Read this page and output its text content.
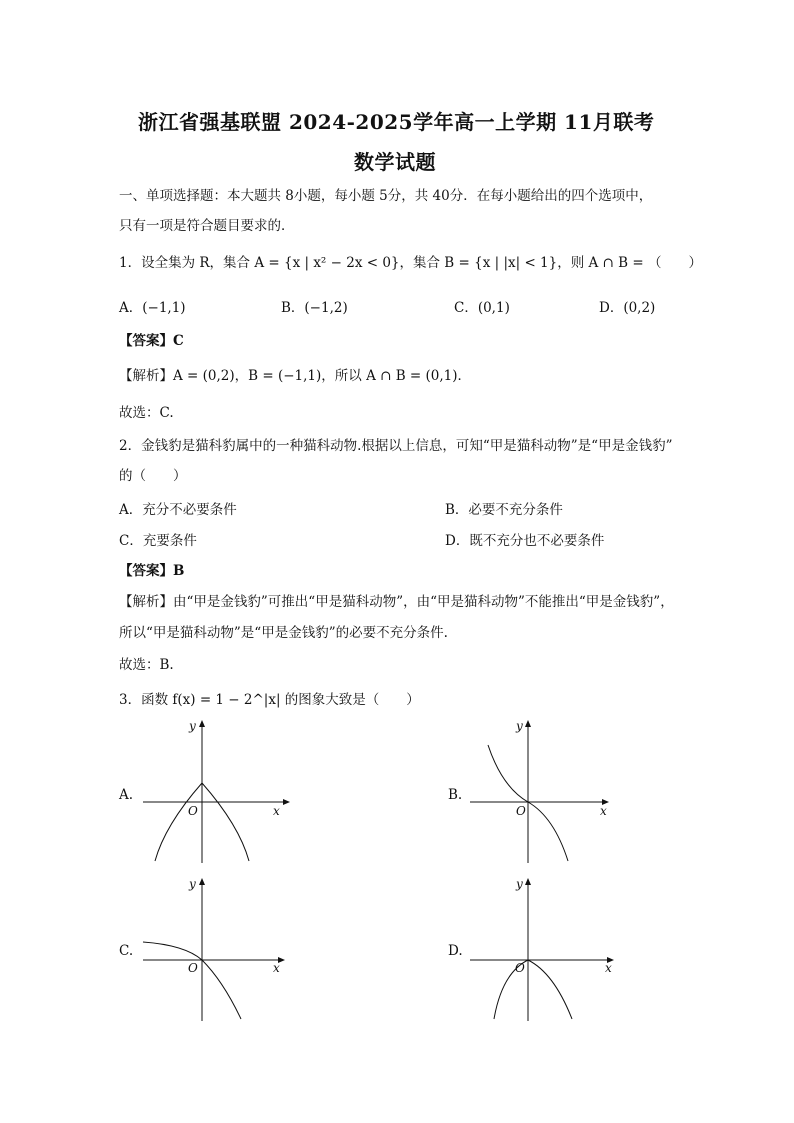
浙江省强基联盟 2024-2025学年高一上学期 11月联考
数学试题
一、单项选择题：本大题共 8小题，每小题 5分，共 40分．在每小题给出的四个选项中，
只有一项是符合题目要求的．
1．设全集为 R，集合 A = {x | x² − 2x < 0}，集合 B = {x | |x| < 1}，则 A ∩ B = （　　）
A．(−1,1)	B．(−1,2)	C．(0,1)	D．(0,2)
【答案】C
【解析】A = (0,2)，B = (−1,1)，所以 A ∩ B = (0,1)．
故选：C.
2．金钱豹是猫科豹属中的一种猫科动物.根据以上信息，可知“甲是猫科动物”是“甲是金钱豹”
的（　　）
A．充分不必要条件	B．必要不充分条件
C．充要条件	D．既不充分也不必要条件
【答案】B
【解析】由“甲是金钱豹”可推出“甲是猫科动物”，由“甲是猫科动物”不能推出“甲是金钱豹”，
所以“甲是猫科动物”是“甲是金钱豹”的必要不充分条件.
故选：B.
3．函数 f(x) = 1 − 2^|x| 的图象大致是（　　）
A.
y
x
O
B.
y
x
O
C.
y
x
O
D.
y
x
O
